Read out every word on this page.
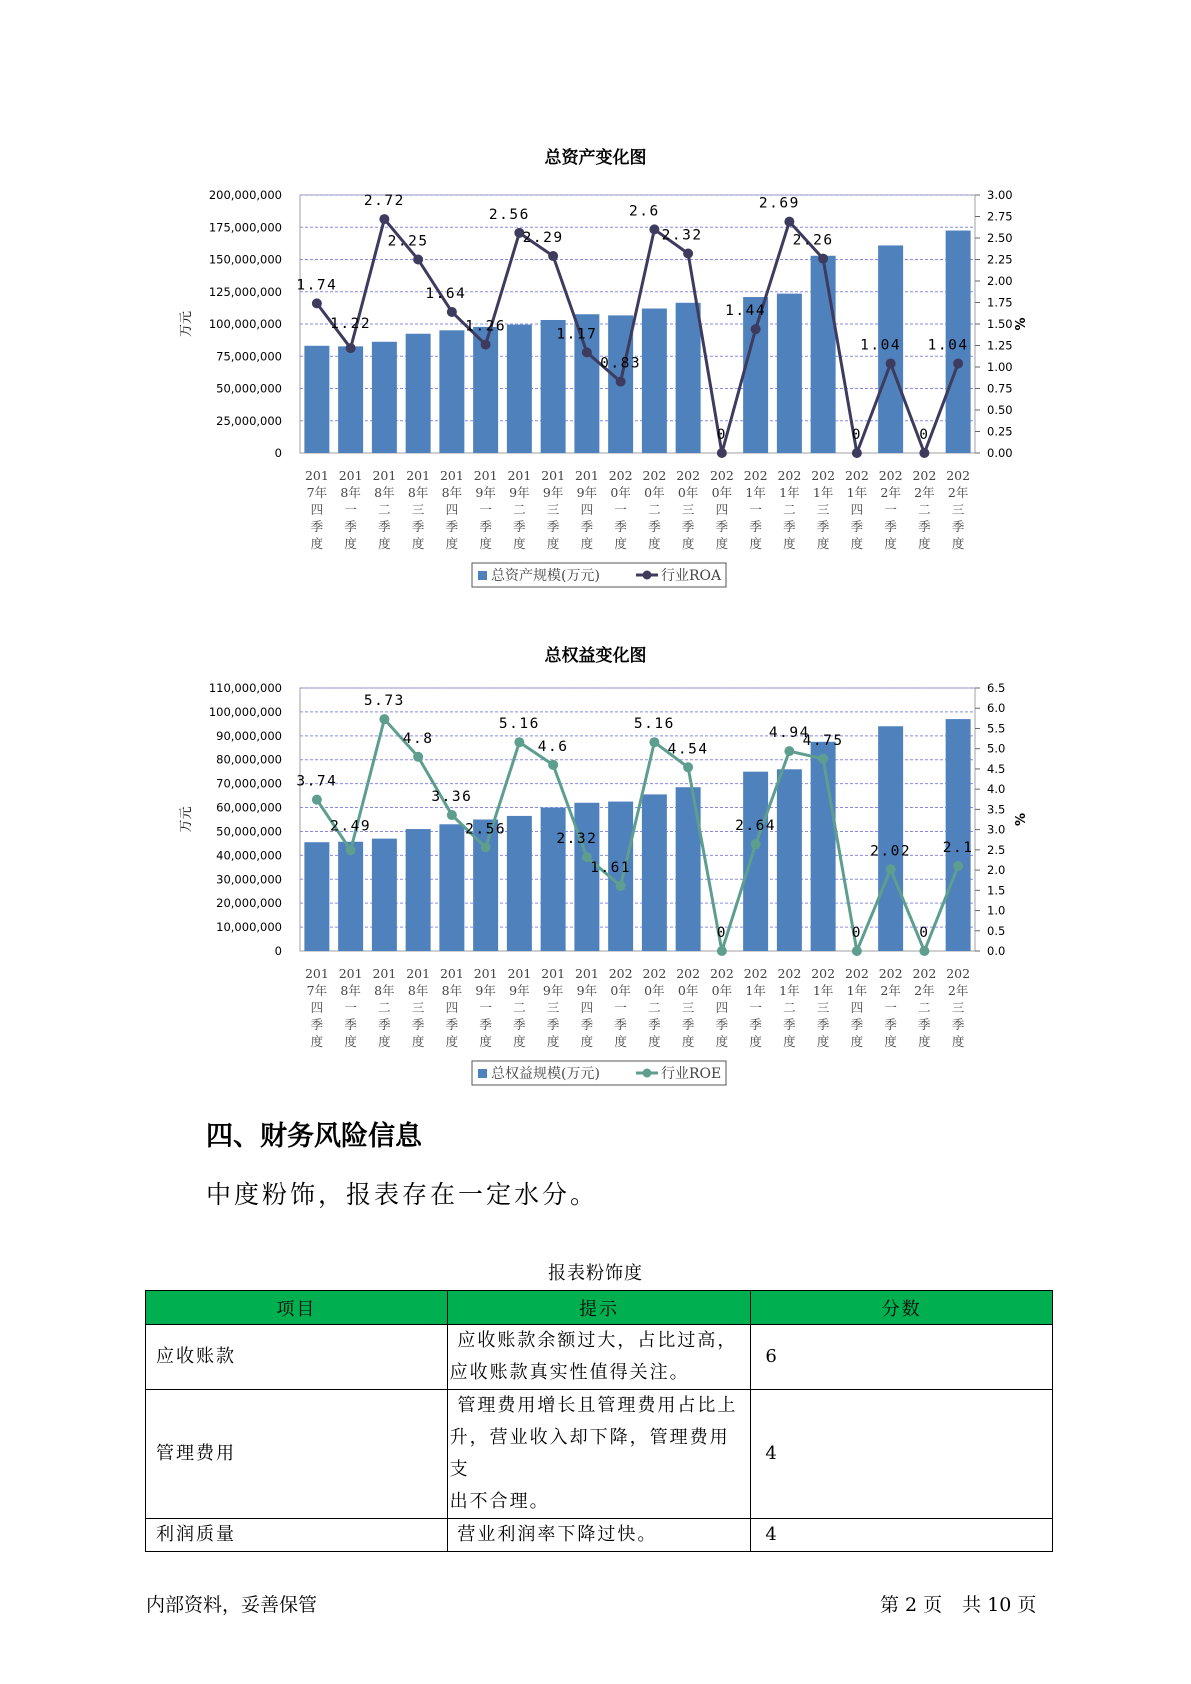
总资产变化图
0
25,000,000
50,000,000
75,000,000
100,000,000
125,000,000
150,000,000
175,000,000
200,000,000
0.00
0.25
0.50
0.75
1.00
1.25
1.50
1.75
2.00
2.25
2.50
2.75
3.00
万元	%
201
7年
四
季
度
201
8年
一
季
度
201
8年
二
季
度
201
8年
三
季
度
201
8年
四
季
度
201
9年
一
季
度
201
9年
二
季
度
201
9年
三
季
度
201
9年
四
季
度
202
0年
一
季
度
202
0年
二
季
度
202
0年
三
季
度
202
0年
四
季
度
202
1年
一
季
度
202
1年
二
季
度
202
1年
三
季
度
202
1年
四
季
度
202
2年
一
季
度
202
2年
二
季
度
202
2年
三
季
度
1.74
1.22
2.72
2.25
1.64
1.26
2.56
2.29
1.17
0.83
2.6
2.32
0
1.44
2.69
2.26
0
1.04
0
1.04
总资产规模(万元)	行业ROA
总权益变化图
0
10,000,000
20,000,000
30,000,000
40,000,000
50,000,000
60,000,000
70,000,000
80,000,000
90,000,000
100,000,000
110,000,000
0.0
0.5
1.0
1.5
2.0
2.5
3.0
3.5
4.0
4.5
5.0
5.5
6.0
6.5
万元	%
201
7年
四
季
度
201
8年
一
季
度
201
8年
二
季
度
201
8年
三
季
度
201
8年
四
季
度
201
9年
一
季
度
201
9年
二
季
度
201
9年
三
季
度
201
9年
四
季
度
202
0年
一
季
度
202
0年
二
季
度
202
0年
三
季
度
202
0年
四
季
度
202
1年
一
季
度
202
1年
二
季
度
202
1年
三
季
度
202
1年
四
季
度
202
2年
一
季
度
202
2年
二
季
度
202
2年
三
季
度
3.74
2.49
5.73
4.8
3.36
2.56
5.16
4.6
2.32
1.61
5.16
4.54
0
2.64
4.94
4.75
0
2.02
0
2.1
总权益规模(万元)	行业ROE
四、财务风险信息

中度粉饰，报表存在一定水分。

报表粉饰度
项目	提示	分数
应收账款	应收账款余额过大，占比过高，
应收账款真实性值得关注。	6
管理费用	管理费用增长且管理费用占比上
升，营业收入却下降，管理费用支
出不合理。	4
利润质量	营业利润率下降过快。	4
内部资料，妥善保管	第 2 页 共 10 页
